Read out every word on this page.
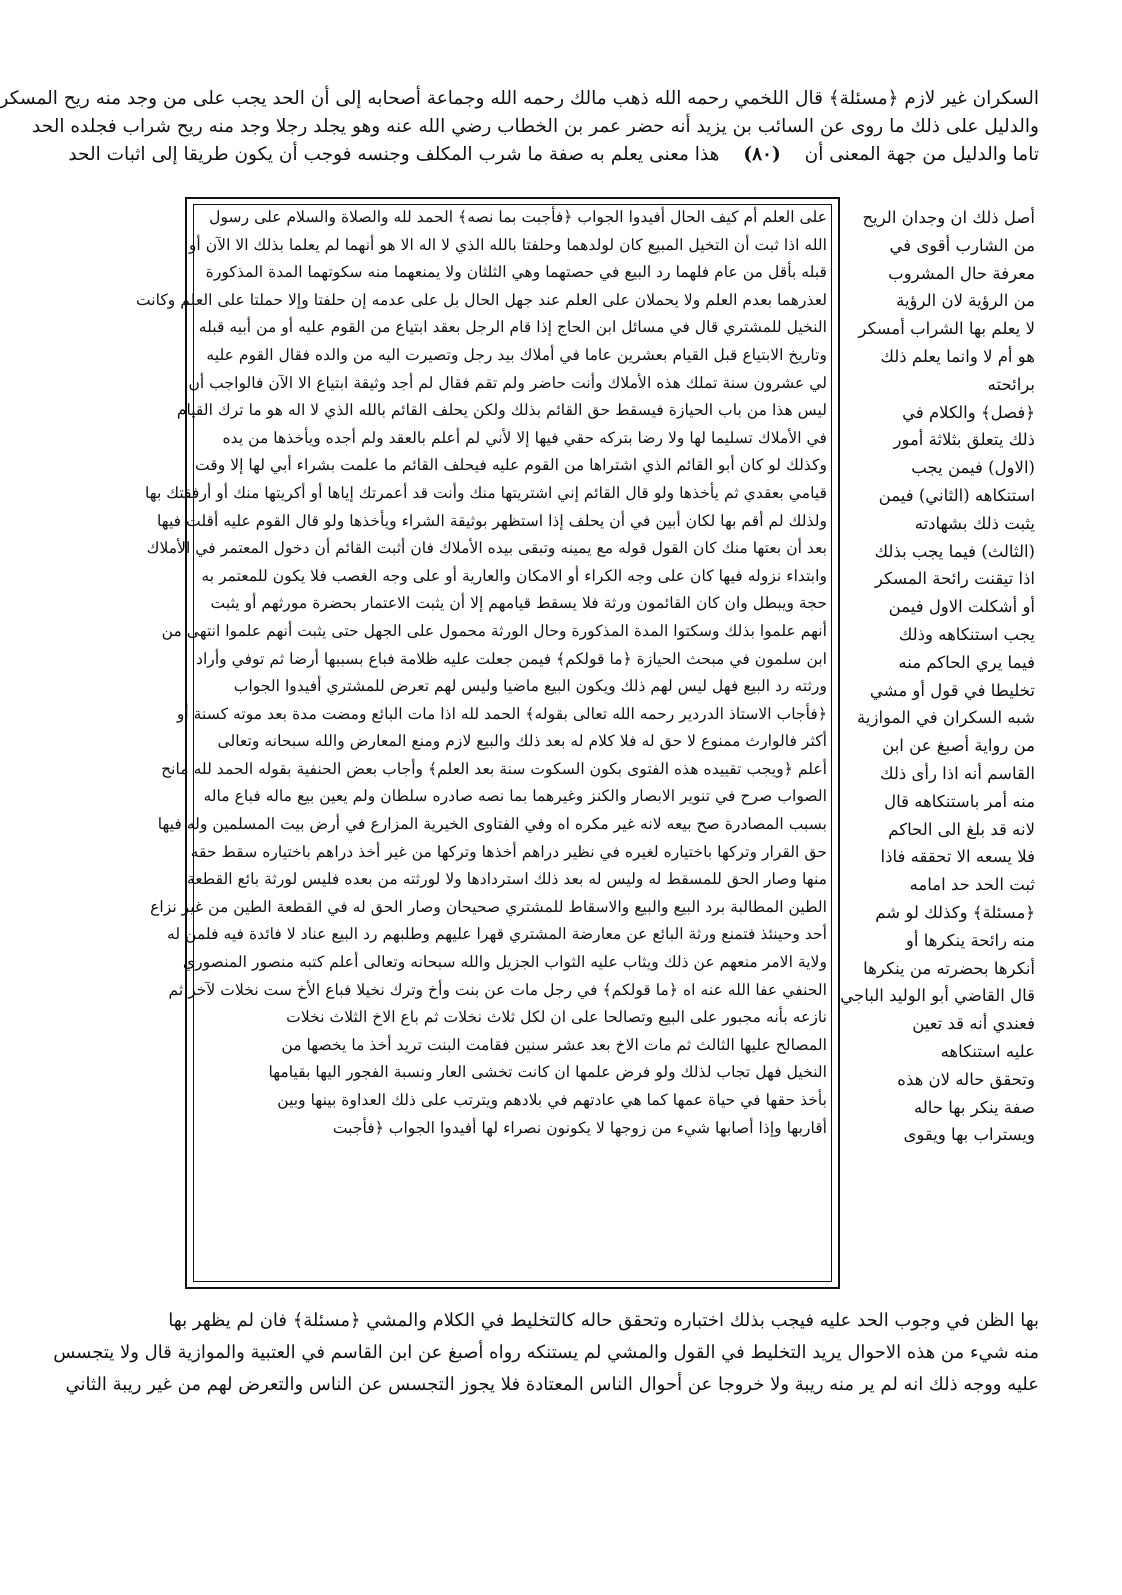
السكران غير لازم ﴿مسئلة﴾ قال اللخمي رحمه الله ذهب مالك رحمه الله وجماعة أصحابه إلى أن الحد يجب على من وجد منه ريح المسكر
والدليل على ذلك ما روى عن السائب بن يزيد أنه حضر عمر بن الخطاب رضي الله عنه وهو يجلد رجلا وجد منه ريح شراب فجلده الحد
تاما والدليل من جهة المعنى أن (٨٠) هذا معنى يعلم به صفة ما شرب المكلف وجنسه فوجب أن يكون طريقا إلى اثبات الحد
أصل ذلك ان وجدان الريح
من الشارب أقوى في
معرفة حال المشروب
من الرؤية لان الرؤية
لا يعلم بها الشراب أمسكر
هو أم لا وانما يعلم ذلك
برائحته
﴿فصل﴾ والكلام في
ذلك يتعلق بثلاثة أمور
(الاول) فيمن يجب
استنكاهه (الثاني) فيمن
يثبت ذلك بشهادته
(الثالث) فيما يجب بذلك
اذا تيقنت رائحة المسكر
أو أشكلت الاول فيمن
يجب استنكاهه وذلك
فيما يري الحاكم منه
تخليطا في قول أو مشي
شبه السكران في الموازية
من رواية أصبغ عن ابن
القاسم أنه اذا رأى ذلك
منه أمر باستنكاهه قال
لانه قد بلغ الى الحاكم
فلا يسعه الا تحققه فاذا
ثبت الحد حد امامه
﴿مسئلة﴾ وكذلك لو شم
منه رائحة ينكرها أو
أنكرها بحضرته من ينكرها
قال القاضي أبو الوليد الباجي
فعندي أنه قد تعين
عليه استنكاهه
وتحقق حاله لان هذه
صفة ينكر بها حاله
ويستراب بها ويقوى
على العلم أم كيف الحال أفيدوا الجواب ﴿فأجبت بما نصه﴾ الحمد لله والصلاة والسلام على رسول
الله اذا ثبت أن التخيل المبيع كان لولدهما وحلفتا بالله الذي لا اله الا هو أنهما لم يعلما بذلك الا الآن أو
قبله بأقل من عام فلهما رد البيع في حصتهما وهي الثلثان ولا يمنعهما منه سكوتهما المدة المذكورة
لعذرهما بعدم العلم ولا يحملان على العلم عند جهل الحال بل على عدمه إن حلفتا وإلا حملتا على العلم وكانت
النخيل للمشتري قال في مسائل ابن الحاج إذا قام الرجل بعقد ابتياع من القوم عليه أو من أبيه قبله
وتاريخ الابتياع قبل القيام بعشرين عاما في أملاك بيد رجل وتصيرت اليه من والده فقال القوم عليه
لي عشرون سنة تملك هذه الأملاك وأنت حاضر ولم تقم فقال لم أجد وثيقة ابتياع الا الآن فالواجب أن
ليس هذا من باب الحيازة فيسقط حق القائم بذلك ولكن يحلف القائم بالله الذي لا اله هو ما ترك القيام
في الأملاك تسليما لها ولا رضا بتركه حقي فيها إلا لأني لم أعلم بالعقد ولم أجده ويأخذها من يده
وكذلك لو كان أبو القائم الذي اشتراها من القوم عليه فيحلف القائم ما علمت بشراء أبي لها إلا وقت
قيامي بعقدي ثم يأخذها ولو قال القائم إني اشتريتها منك وأنت قد أعمرتك إياها أو أكريتها منك أو أرفقتك بها
ولذلك لم أقم بها لكان أبين في أن يحلف إذا استظهر بوثيقة الشراء ويأخذها ولو قال القوم عليه أقلت فيها
بعد أن بعتها منك كان القول قوله مع يمينه وتبقى بيده الأملاك فان أثبت القائم أن دخول المعتمر في الأملاك
وابتداء نزوله فيها كان على وجه الكراء أو الامكان والعارية أو على وجه الغصب فلا يكون للمعتمر به
حجة ويبطل وان كان القائمون ورثة فلا يسقط قيامهم إلا أن يثبت الاعتمار بحضرة مورثهم أو يثبت
أنهم علموا بذلك وسكتوا المدة المذكورة وحال الورثة محمول على الجهل حتى يثبت أنهم علموا انتهى من
ابن سلمون في مبحث الحيازة ﴿ما قولكم﴾ فيمن جعلت عليه ظلامة فباع بسببها أرضا ثم توفي وأراد
ورثته رد البيع فهل ليس لهم ذلك ويكون البيع ماضيا وليس لهم تعرض للمشتري أفيدوا الجواب
﴿فأجاب الاستاذ الدردير رحمه الله تعالى بقوله﴾ الحمد لله اذا مات البائع ومضت مدة بعد موته كسنة أو
أكثر فالوارث ممنوع لا حق له فلا كلام له بعد ذلك والبيع لازم ومنع المعارض والله سبحانه وتعالى
أعلم ﴿ويجب تقييده هذه الفتوى بكون السكوت سنة بعد العلم﴾ وأجاب بعض الحنفية بقوله الحمد لله مانح
الصواب صرح في تنوير الابصار والكنز وغيرهما بما نصه صادره سلطان ولم يعين بيع ماله فباع ماله
بسبب المصادرة صح بيعه لانه غير مكره اه وفي الفتاوى الخيرية المزارع في أرض بيت المسلمين وله فيها
حق القرار وتركها باختياره لغيره في نظير دراهم أخذها وتركها من غير أخذ دراهم باختياره سقط حقه
منها وصار الحق للمسقط له وليس له بعد ذلك استردادها ولا لورثته من بعده فليس لورثة بائع القطعة
الطين المطالبة برد البيع والبيع والاسقاط للمشتري صحيحان وصار الحق له في القطعة الطين من غير نزاع
أحد وحينئذ فتمنع ورثة البائع عن معارضة المشتري قهرا عليهم وطلبهم رد البيع عناد لا فائدة فيه فلمن له
ولاية الامر منعهم عن ذلك ويثاب عليه الثواب الجزيل والله سبحانه وتعالى أعلم كتبه منصور المنصوري
الحنفي عفا الله عنه اه ﴿ما قولكم﴾ في رجل مات عن بنت وأخ وترك نخيلا فباع الأخ ست نخلات لآخر ثم
نازعه بأنه مجبور على البيع وتصالحا على ان لكل ثلاث نخلات ثم باع الاخ الثلاث نخلات
المصالح عليها الثالث ثم مات الاخ بعد عشر سنين فقامت البنت تريد أخذ ما يخصها من
النخيل فهل تجاب لذلك ولو فرض علمها ان كانت تخشى العار ونسبة الفجور اليها بقيامها
بأخذ حقها في حياة عمها كما هي عادتهم في بلادهم ويترتب على ذلك العداوة بينها وبين
أقاربها وإذا أصابها شيء من زوجها لا يكونون نصراء لها أفيدوا الجواب ﴿فأجبت
بها الظن في وجوب الحد عليه فيجب بذلك اختباره وتحقق حاله كالتخليط في الكلام والمشي ﴿مسئلة﴾ فان لم يظهر بها
منه شيء من هذه الاحوال يريد التخليط في القول والمشي لم يستنكه رواه أصبغ عن ابن القاسم في العتبية والموازية قال ولا يتجسس
عليه ووجه ذلك انه لم ير منه ريبة ولا خروجا عن أحوال الناس المعتادة فلا يجوز التجسس عن الناس والتعرض لهم من غير ريبة الثاني
